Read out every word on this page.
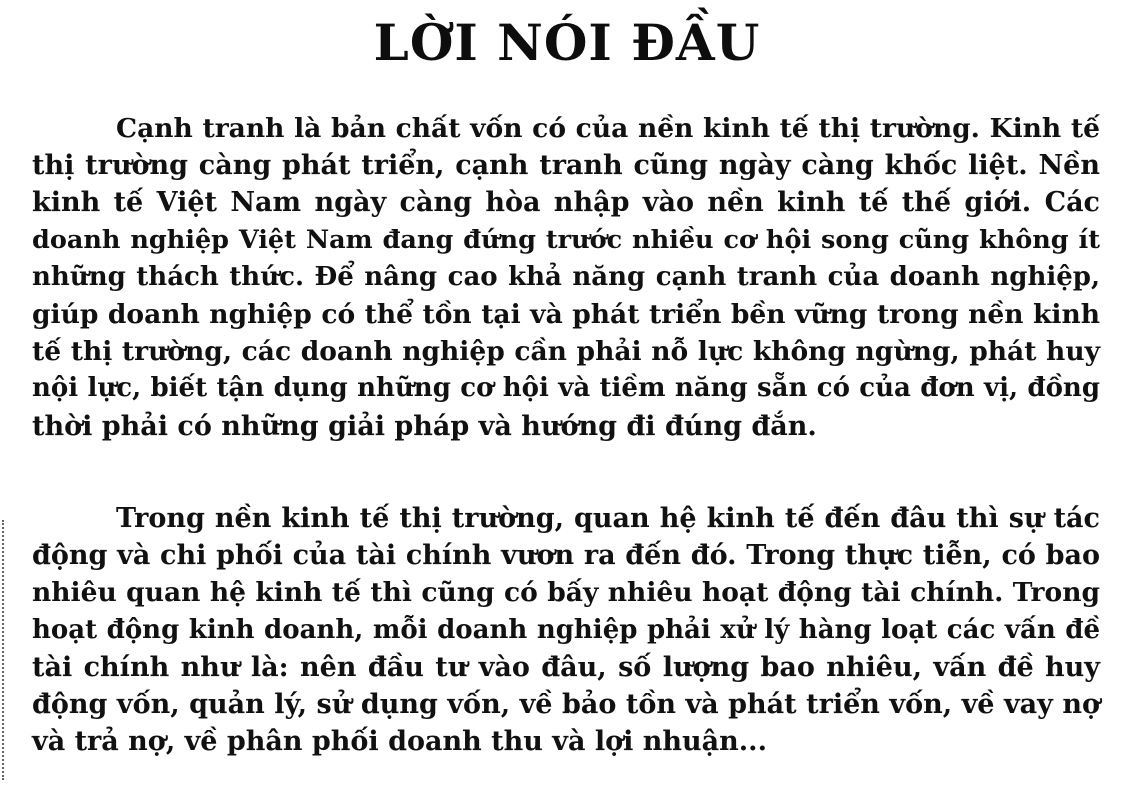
LỜI NÓI ĐẦU

Cạnh tranh là bản chất vốn có của nền kinh tế thị trường. Kinh tế
thị trường càng phát triển, cạnh tranh cũng ngày càng khốc liệt. Nền
kinh tế Việt Nam ngày càng hòa nhập vào nền kinh tế thế giới. Các
doanh nghiệp Việt Nam đang đứng trước nhiều cơ hội song cũng không ít
những thách thức. Để nâng cao khả năng cạnh tranh của doanh nghiệp,
giúp doanh nghiệp có thể tồn tại và phát triển bền vững trong nền kinh
tế thị trường, các doanh nghiệp cần phải nỗ lực không ngừng, phát huy
nội lực, biết tận dụng những cơ hội và tiềm năng sẵn có của đơn vị, đồng
thời phải có những giải pháp và hướng đi đúng đắn.

Trong nền kinh tế thị trường, quan hệ kinh tế đến đâu thì sự tác
động và chi phối của tài chính vươn ra đến đó. Trong thực tiễn, có bao
nhiêu quan hệ kinh tế thì cũng có bấy nhiêu hoạt động tài chính. Trong
hoạt động kinh doanh, mỗi doanh nghiệp phải xử lý hàng loạt các vấn đề
tài chính như là: nên đầu tư vào đâu, số lượng bao nhiêu, vấn đề huy
động vốn, quản lý, sử dụng vốn, về bảo tồn và phát triển vốn, về vay nợ
và trả nợ, về phân phối doanh thu và lợi nhuận...
